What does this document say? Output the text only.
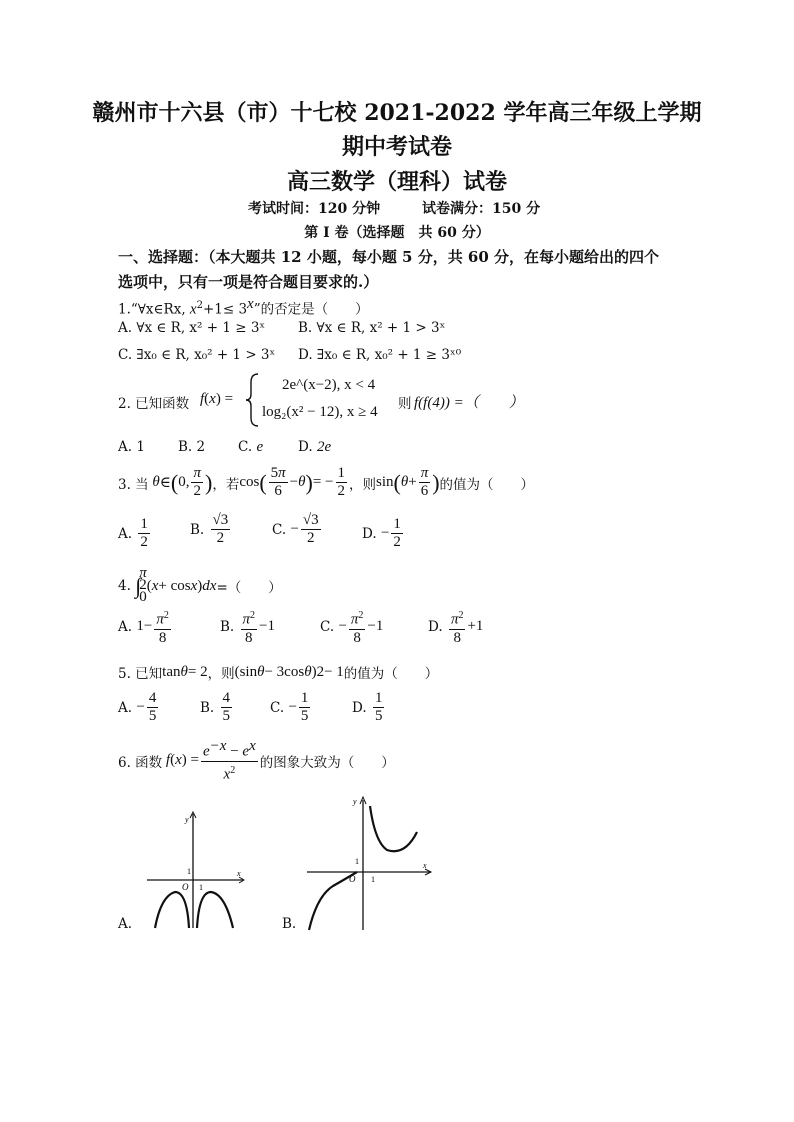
赣州市十六县（市）十七校 2021-2022 学年高三年级上学期
期中考试卷
高三数学（理科）试卷
考试时间：120 分钟	试卷满分：150 分
第 I 卷（选择题　共 60 分）
一、选择题：（本大题共 12 小题，每小题 5 分，共 60 分，在每小题给出的四个
选项中，只有一项是符合题目要求的.）
1.“∀x∈Rx, $x^2+1\le 3^x$”的否定是（　　）
A. ∀x ∈ R, x² + 1 ≥ 3ˣ B. ∀x ∈ R, x² + 1 > 3ˣ
C. ∃x₀ ∈ R, x₀² + 1 > 3ˣ D. ∃x₀ ∈ R, x₀² + 1 ≥ 3ˣ⁰
2. 已知函数 f(x) =
2e^(x−2), x < 4
log₂(x² − 12), x ≥ 4 则 f(f(4)) =（　　）
A. 1 B. 2 C. e	D. 2e
3. 当 θ ∈ ( 0, $\frac{\pi}{2}$ ) ，若 cos ( $\frac{5\pi}{6} - \theta$ ) = − $\frac{1}{2}$ ，则 sin ( $\theta + \frac{\pi}{6}$ ) 的值为（　　）
A.
$\frac{1}{2}$	B.
$\frac{√3}{2}$	C.
− $\frac{√3}{2}$	D.
− $\frac{1}{2}$
4.
∫
π
2
0
( x + cos x ) dx =（　　）
A.
$1- \frac{\pi^2}{8}$	B.
$\frac{\pi^2}{8} -1$	C.
− $\frac{\pi^2}{8} -1$	D.
$\frac{\pi^2}{8} +1$
5. 已知 tan θ = 2 ，则 (sin θ − 3cos θ ) 2 − 1 的值为（　　）
A.
− $\frac{4}{5}$	B.
$\frac{4}{5}$	C.
− $\frac{1}{5}$	D.
$\frac{1}{5}$
6. 函数 f ( x ) = $\frac{e^{-x} - e^x}{x^2}$ 的图象大致为（　　）
y
x
O
1
1
y
x
O
1
1
A.	B.
